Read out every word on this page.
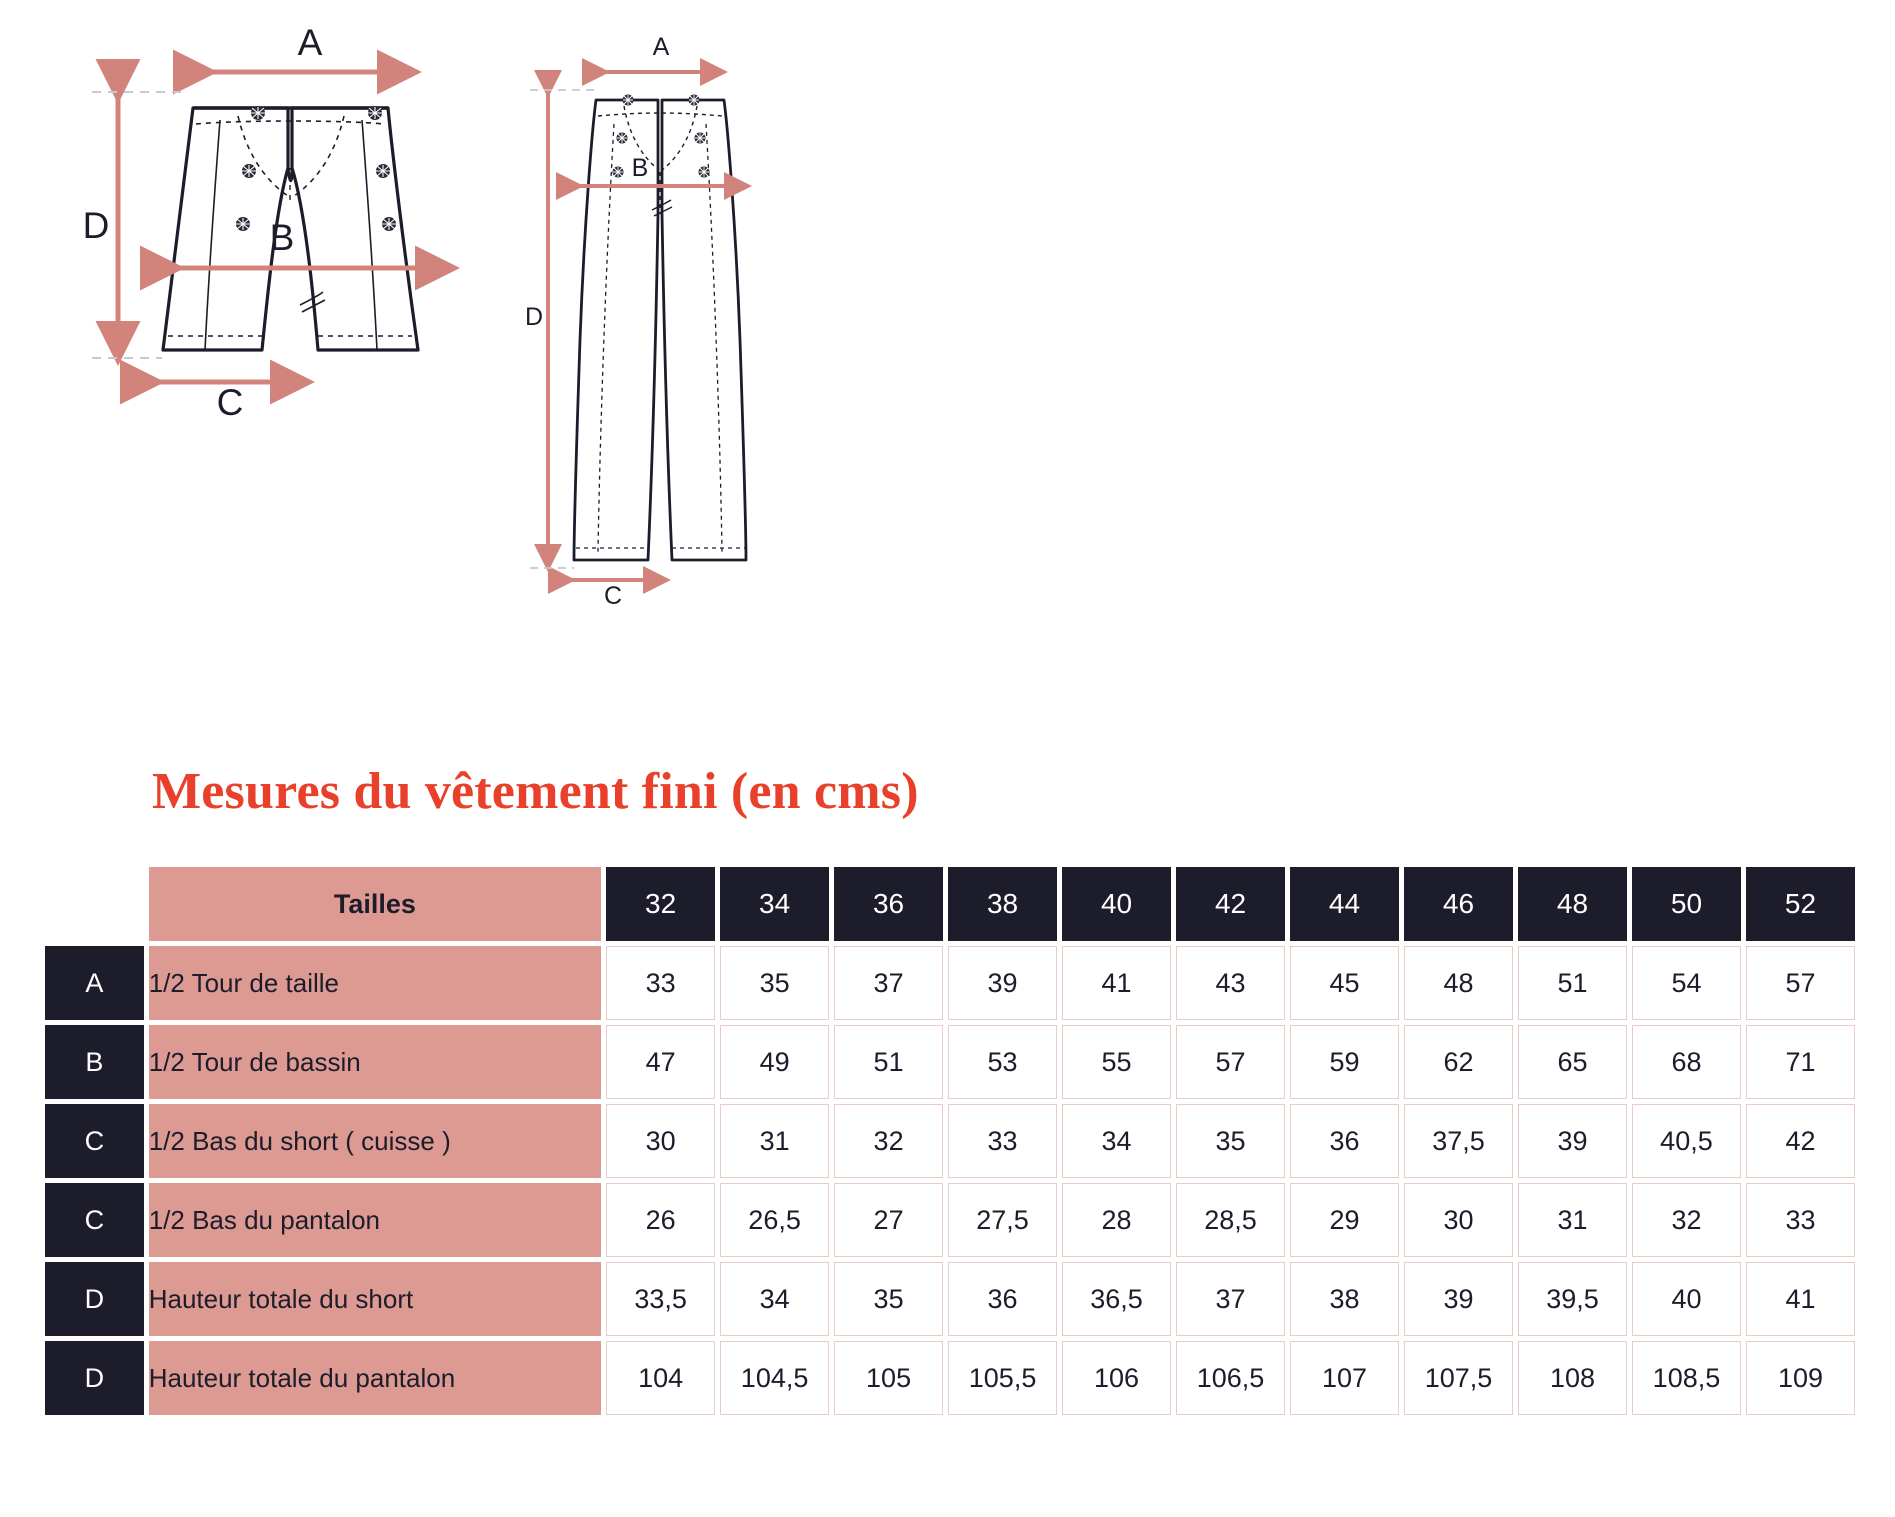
A
B
C
D
A
B
C
D
Mesures du vêtement fini (en cms)
	Tailles	32	34	36	38	40	42	44	46	48	50	52
A	1/2 Tour de taille	33	35	37	39	41	43	45	48	51	54	57
B	1/2 Tour de bassin	47	49	51	53	55	57	59	62	65	68	71
C	1/2 Bas du short ( cuisse )	30	31	32	33	34	35	36	37,5	39	40,5	42
C	1/2 Bas du pantalon	26	26,5	27	27,5	28	28,5	29	30	31	32	33
D	Hauteur totale du short	33,5	34	35	36	36,5	37	38	39	39,5	40	41
D	Hauteur totale du pantalon	104	104,5	105	105,5	106	106,5	107	107,5	108	108,5	109
